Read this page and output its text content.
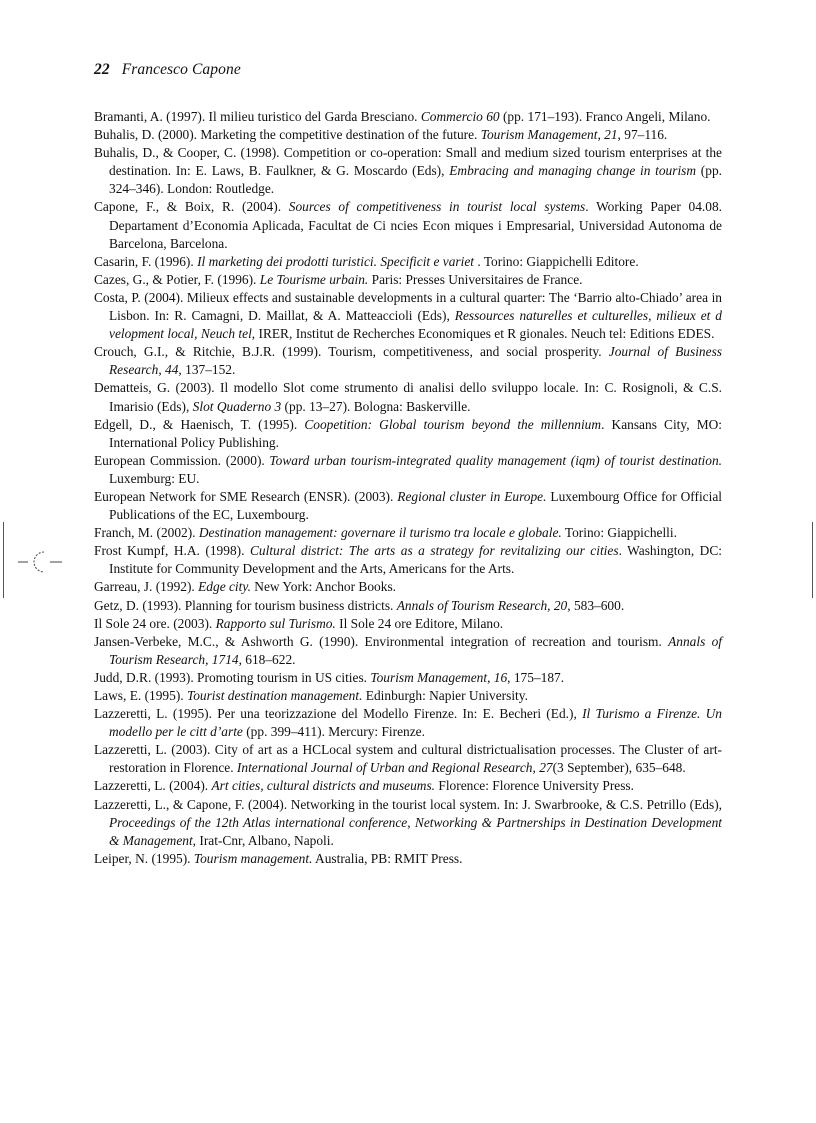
22 Francesco Capone

Bramanti, A. (1997). Il milieu turistico del Garda Bresciano. Commercio 60 (pp. 171–193). Franco Angeli, Milano.

Buhalis, D. (2000). Marketing the competitive destination of the future. Tourism Management, 21, 97–116.

Buhalis, D., & Cooper, C. (1998). Competition or co-operation: Small and medium sized tourism enterprises at the destination. In: E. Laws, B. Faulkner, & G. Moscardo (Eds), Embracing and managing change in tourism (pp. 324–346). London: Routledge.

Capone, F., & Boix, R. (2004). Sources of competitiveness in tourist local systems. Working Paper 04.08. Departament d’Economia Aplicada, Facultat de Ci ncies Econ miques i Empresarial, Universidad Autonoma de Barcelona, Barcelona.

Casarin, F. (1996). Il marketing dei prodotti turistici. Specificit e variet . Torino: Giappichelli Editore.

Cazes, G., & Potier, F. (1996). Le Tourisme urbain. Paris: Presses Universitaires de France.

Costa, P. (2004). Milieux effects and sustainable developments in a cultural quarter: The ‘Barrio alto-Chiado’ area in Lisbon. In: R. Camagni, D. Maillat, & A. Matteaccioli (Eds), Ressources naturelles et culturelles, milieux et d velopment local, Neuch tel, IRER, Institut de Recherches Economiques et R gionales. Neuch tel: Editions EDES.

Crouch, G.I., & Ritchie, B.J.R. (1999). Tourism, competitiveness, and social prosperity. Journal of Business Research, 44, 137–152.

Dematteis, G. (2003). Il modello Slot come strumento di analisi dello sviluppo locale. In: C. Rosignoli, & C.S. Imarisio (Eds), Slot Quaderno 3 (pp. 13–27). Bologna: Baskerville.

Edgell, D., & Haenisch, T. (1995). Coopetition: Global tourism beyond the millennium. Kansans City, MO: International Policy Publishing.

European Commission. (2000). Toward urban tourism-integrated quality management (iqm) of tourist destination. Luxemburg: EU.

European Network for SME Research (ENSR). (2003). Regional cluster in Europe. Luxembourg Office for Official Publications of the EC, Luxembourg.

Franch, M. (2002). Destination management: governare il turismo tra locale e globale. Torino: Giappichelli.

Frost Kumpf, H.A. (1998). Cultural district: The arts as a strategy for revitalizing our cities. Washington, DC: Institute for Community Development and the Arts, Americans for the Arts.

Garreau, J. (1992). Edge city. New York: Anchor Books.

Getz, D. (1993). Planning for tourism business districts. Annals of Tourism Research, 20, 583–600.

Il Sole 24 ore. (2003). Rapporto sul Turismo. Il Sole 24 ore Editore, Milano.

Jansen-Verbeke, M.C., & Ashworth G. (1990). Environmental integration of recreation and tourism. Annals of Tourism Research, 1714, 618–622.

Judd, D.R. (1993). Promoting tourism in US cities. Tourism Management, 16, 175–187.

Laws, E. (1995). Tourist destination management. Edinburgh: Napier University.

Lazzeretti, L. (1995). Per una teorizzazione del Modello Firenze. In: E. Becheri (Ed.), Il Turismo a Firenze. Un modello per le citt d’arte (pp. 399–411). Mercury: Firenze.

Lazzeretti, L. (2003). City of art as a HCLocal system and cultural districtualisation processes. The Cluster of art-restoration in Florence. International Journal of Urban and Regional Research, 27(3 September), 635–648.

Lazzeretti, L. (2004). Art cities, cultural districts and museums. Florence: Florence University Press.

Lazzeretti, L., & Capone, F. (2004). Networking in the tourist local system. In: J. Swarbrooke, & C.S. Petrillo (Eds), Proceedings of the 12th Atlas international conference, Networking & Partnerships in Destination Development & Management, Irat-Cnr, Albano, Napoli.

Leiper, N. (1995). Tourism management. Australia, PB: RMIT Press.
